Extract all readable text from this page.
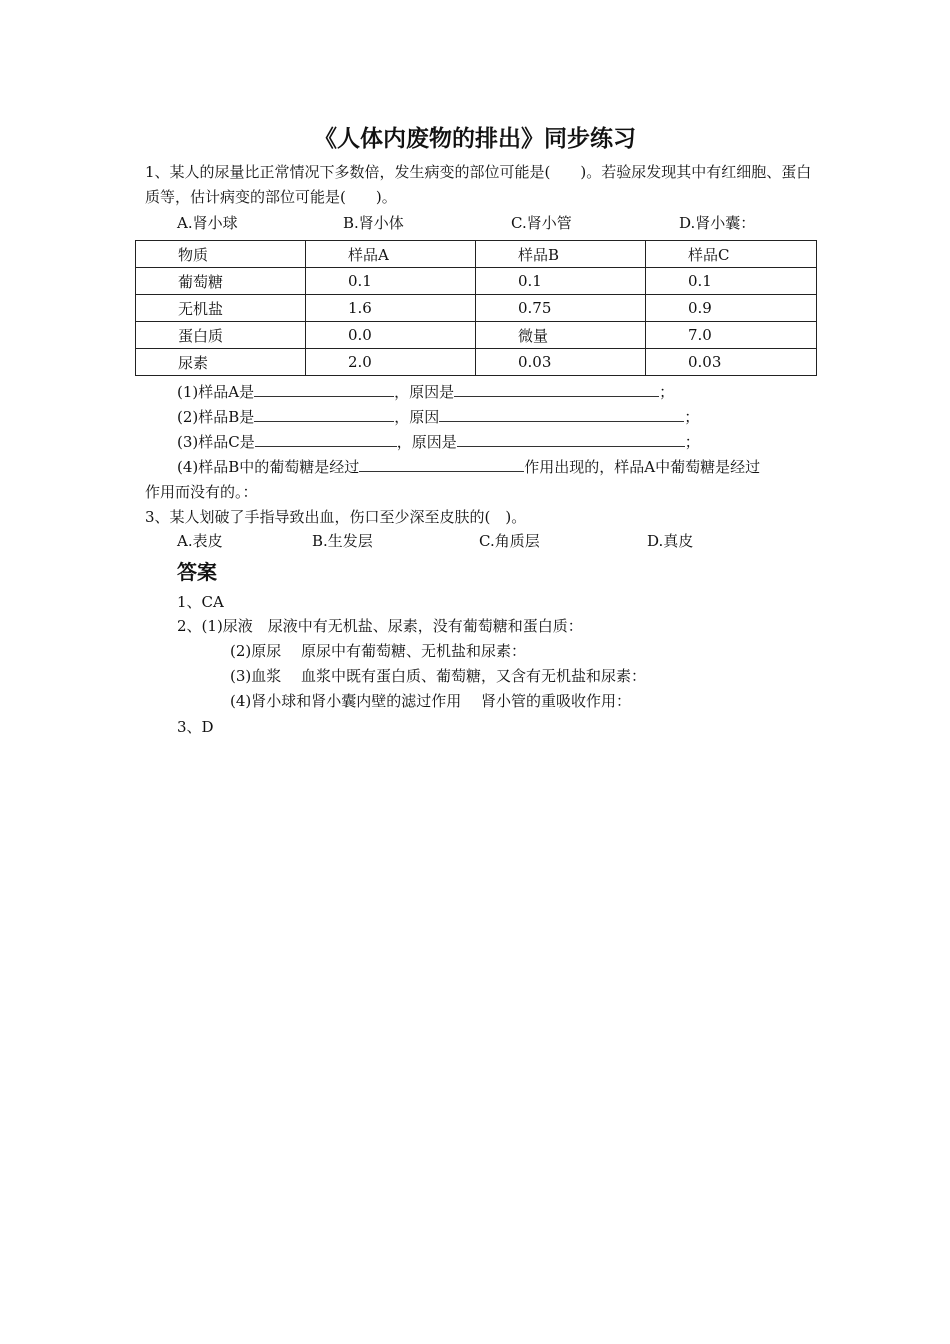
《人体内废物的排出》同步练习
1、某人的尿量比正常情况下多数倍，发生病变的部位可能是(　　)。若验尿发现其中有红细胞、蛋白质等，估计病变的部位可能是(　　)。
A.肾小球	B.肾小体	C.肾小管	D.肾小囊：
物质	样品A	样品B	样品C
葡萄糖	0.1	0.1	0.1
无机盐	1.6	0.75	0.9
蛋白质	0.0	微量	7.0
尿素	2.0	0.03	0.03
(1)样品A是	，原因是	；
(2)样品B是	，原因	；
(3)样品C是	，原因是	；
(4)样品B中的葡萄糖是经过	作用出现的，样品A中葡萄糖是经过
作用而没有的。：
3、某人划破了手指导致出血，伤口至少深至皮肤的(　)。
A.表皮	B.生发层	C.角质层	D.真皮
答案
1、CA
2、(1)尿液　尿液中有无机盐、尿素，没有葡萄糖和蛋白质：
(2)原尿　 原尿中有葡萄糖、无机盐和尿素：
(3)血浆　 血浆中既有蛋白质、葡萄糖，又含有无机盐和尿素：
(4)肾小球和肾小囊内壁的滤过作用　 肾小管的重吸收作用：
3、D
